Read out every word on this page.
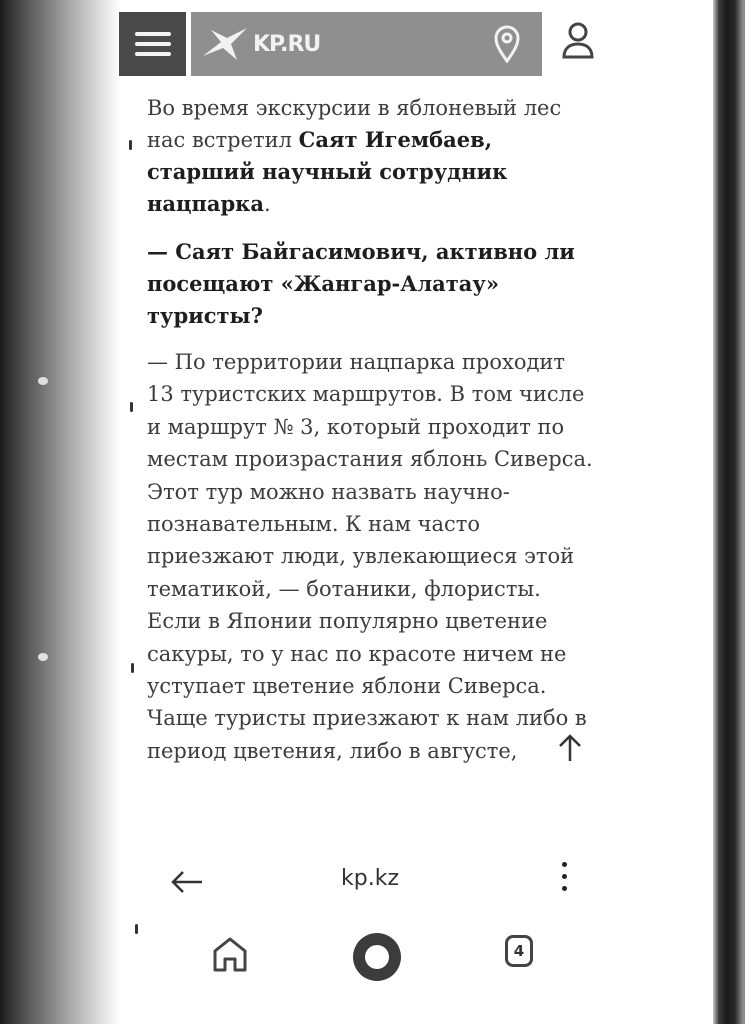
KP.RU

Во время экскурсии в яблоневый лес нас встретил Саят Игембаев, старший научный сотрудник нацпарка.

— Саят Байгасимович, активно ли посещают «Жангар-Алатау» туристы?

— По территории нацпарка проходит 13 туристских маршрутов. В том числе и маршрут № 3, который проходит по местам произрастания яблонь Сиверса. Этот тур можно назвать научно-познавательным. К нам часто приезжают люди, увлекающиеся этой тематикой, — ботаники, флористы. Если в Японии популярно цветение сакуры, то у нас по красоте ничем не уступает цветение яблони Сиверса. Чаще туристы приезжают к нам либо в период цветения, либо в августе,

kp.kz
4
